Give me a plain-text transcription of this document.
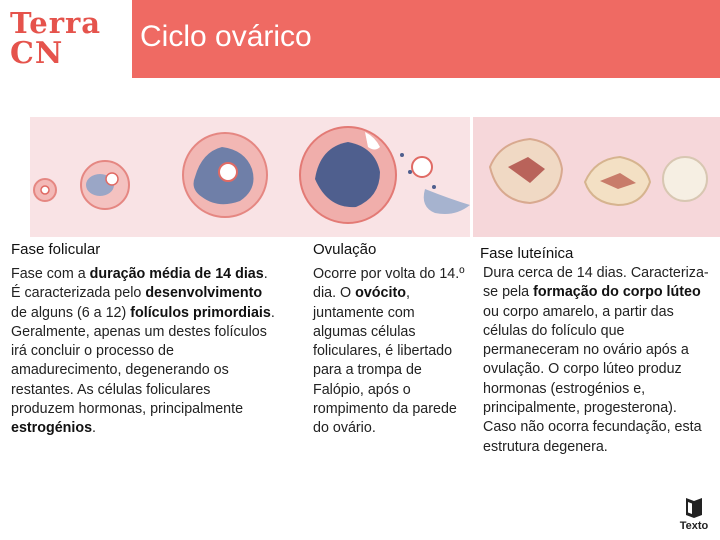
Terra
CN	Ciclo ovárico
Fase folicular
Fase com a duração média de 14 dias. É caracterizada pelo desenvolvimento de alguns (6 a 12) folículos primordiais. Geralmente, apenas um destes folículos irá concluir o processo de amadurecimento, degenerando os restantes. As células foliculares produzem hormonas, principalmente estrogénios.
Ovulação
Ocorre por volta do 14.º dia. O ovócito, juntamente com algumas células foliculares, é libertado para a trompa de Falópio, após o rompimento da parede do ovário.
Fase luteínica
Dura cerca de 14 dias. Caracteriza-se pela formação do corpo lúteo ou corpo amarelo, a partir das células do folículo que permaneceram no ovário após a ovulação. O corpo lúteo produz hormonas (estrogénios e, principalmente, progesterona). Caso não ocorra fecundação, esta estrutura degenera.
Texto
